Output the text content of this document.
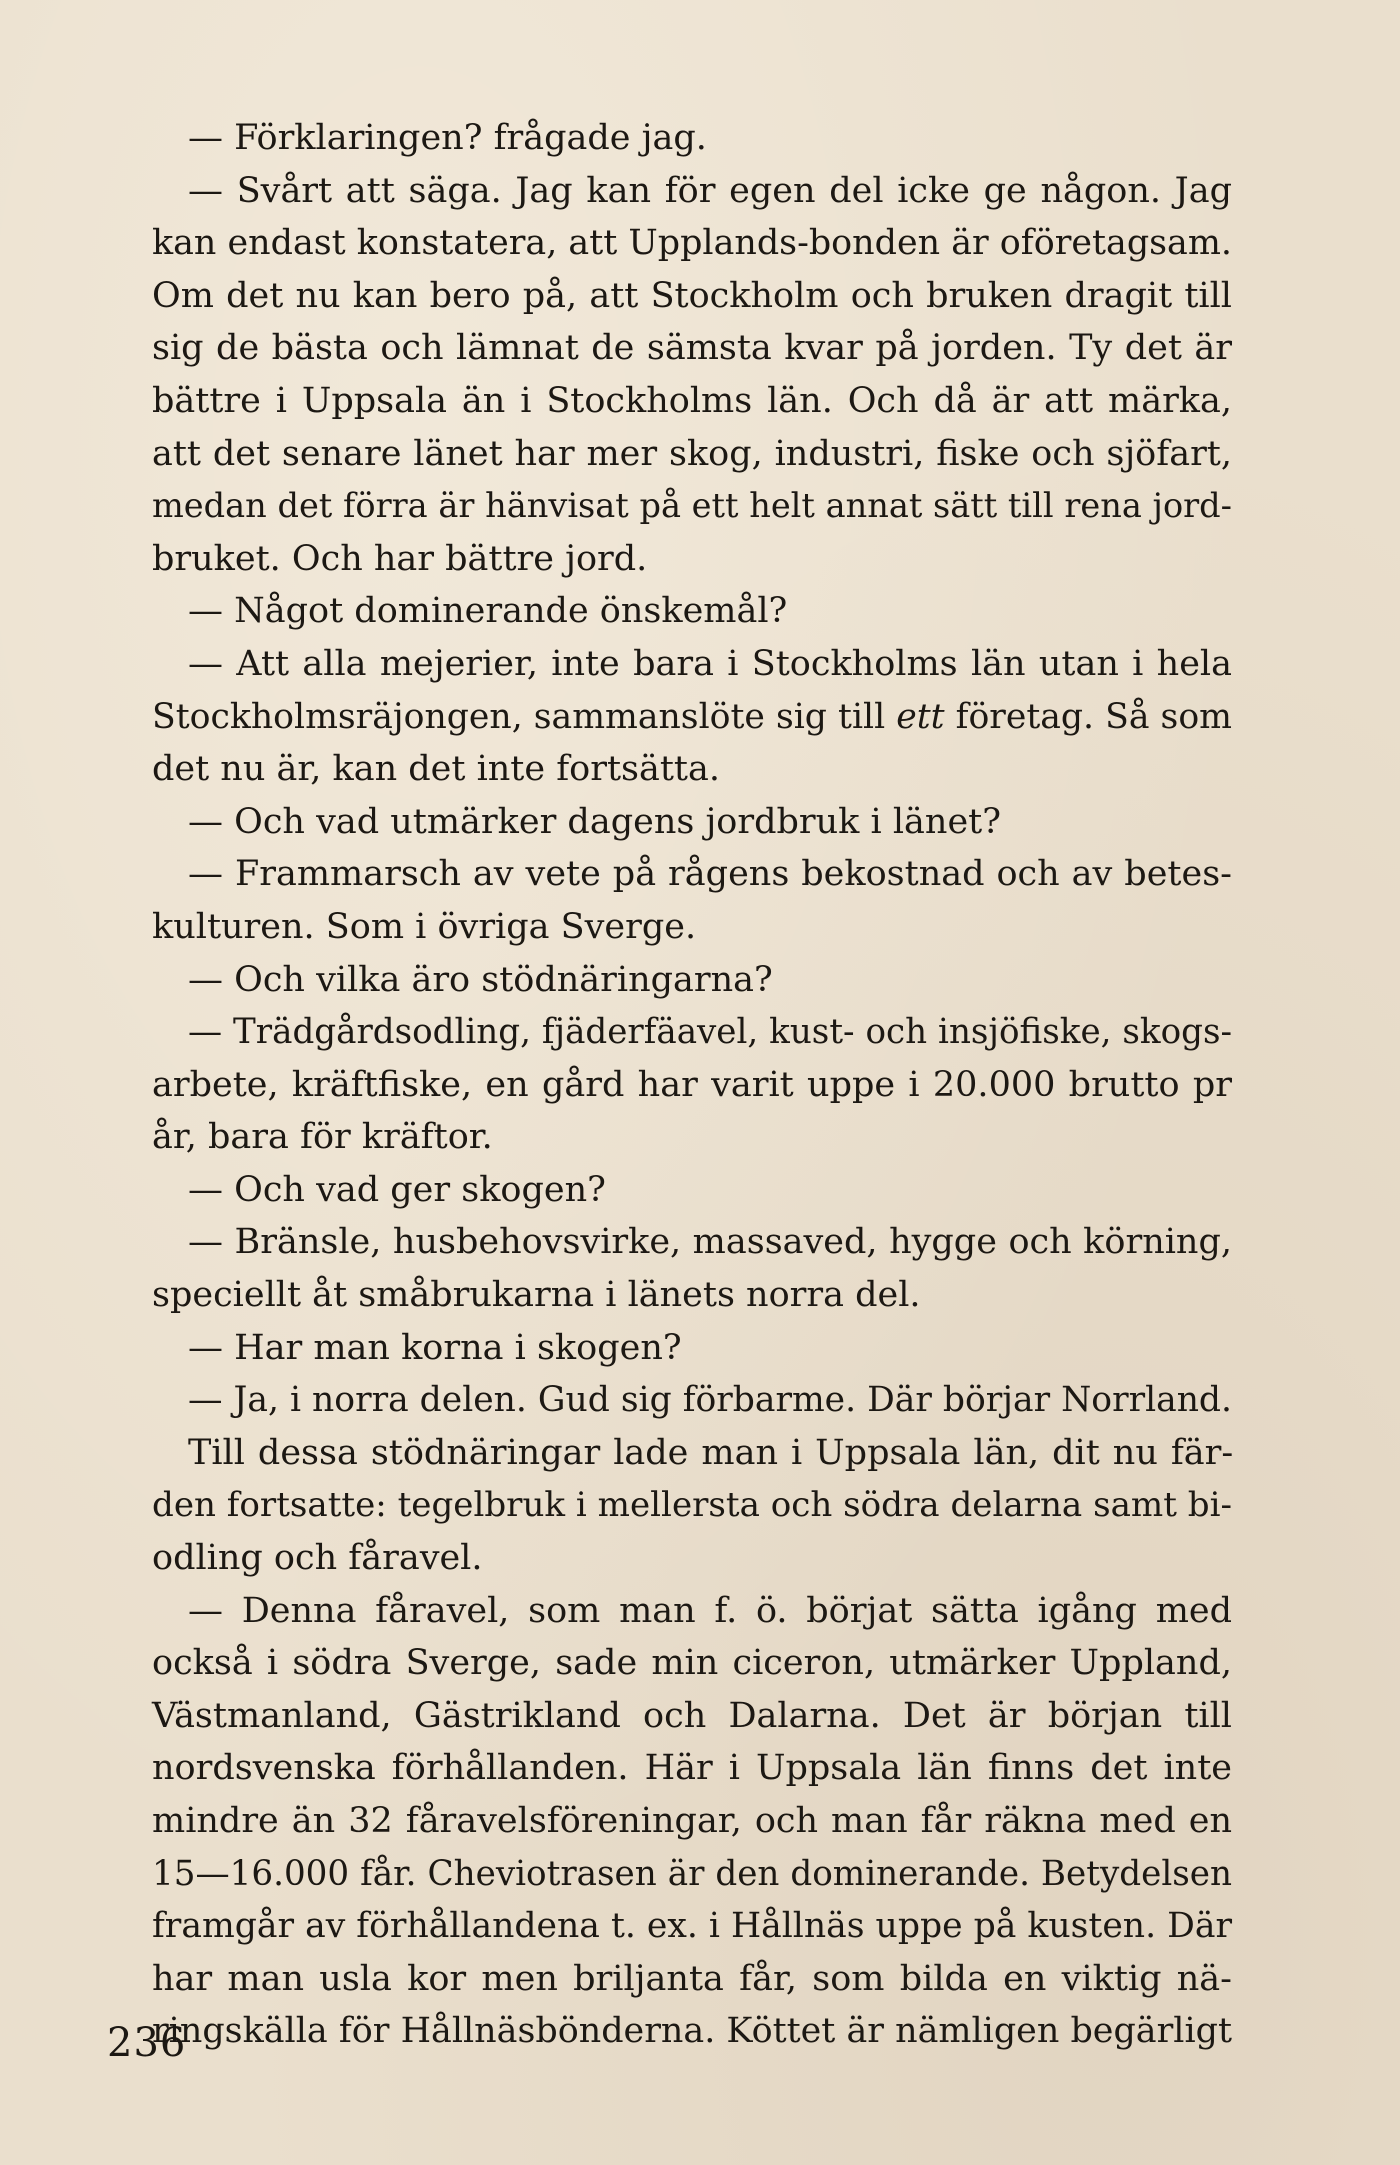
— Förklaringen? frågade jag.
— Svårt att säga. Jag kan för egen del icke ge någon. Jag
kan endast konstatera, att Upplands-bonden är oföretagsam.
Om det nu kan bero på, att Stockholm och bruken dragit till
sig de bästa och lämnat de sämsta kvar på jorden. Ty det är
bättre i Uppsala än i Stockholms län. Och då är att märka,
att det senare länet har mer skog, industri, fiske och sjöfart,
medan det förra är hänvisat på ett helt annat sätt till rena jord-
bruket. Och har bättre jord.
— Något dominerande önskemål?
— Att alla mejerier, inte bara i Stockholms län utan i hela
Stockholmsräjongen, sammanslöte sig till ett företag. Så som
det nu är, kan det inte fortsätta.
— Och vad utmärker dagens jordbruk i länet?
— Frammarsch av vete på rågens bekostnad och av betes-
kulturen. Som i övriga Sverge.
— Och vilka äro stödnäringarna?
— Trädgårdsodling, fjäderfäavel, kust- och insjöfiske, skogs-
arbete, kräftfiske, en gård har varit uppe i 20.000 brutto pr
år, bara för kräftor.
— Och vad ger skogen?
— Bränsle, husbehovsvirke, massaved, hygge och körning,
speciellt åt småbrukarna i länets norra del.
— Har man korna i skogen?
— Ja, i norra delen. Gud sig förbarme. Där börjar Norrland.
Till dessa stödnäringar lade man i Uppsala län, dit nu fär-
den fortsatte: tegelbruk i mellersta och södra delarna samt bi-
odling och fåravel.
— Denna fåravel, som man f. ö. börjat sätta igång med
också i södra Sverge, sade min ciceron, utmärker Uppland,
Västmanland, Gästrikland och Dalarna. Det är början till
nordsvenska förhållanden. Här i Uppsala län finns det inte
mindre än 32 fåravelsföreningar, och man får räkna med en
15—16.000 får. Cheviotrasen är den dominerande. Betydelsen
framgår av förhållandena t. ex. i Hållnäs uppe på kusten. Där
har man usla kor men briljanta får, som bilda en viktig nä-
ringskälla för Hållnäsbönderna. Köttet är nämligen begärligt
236
